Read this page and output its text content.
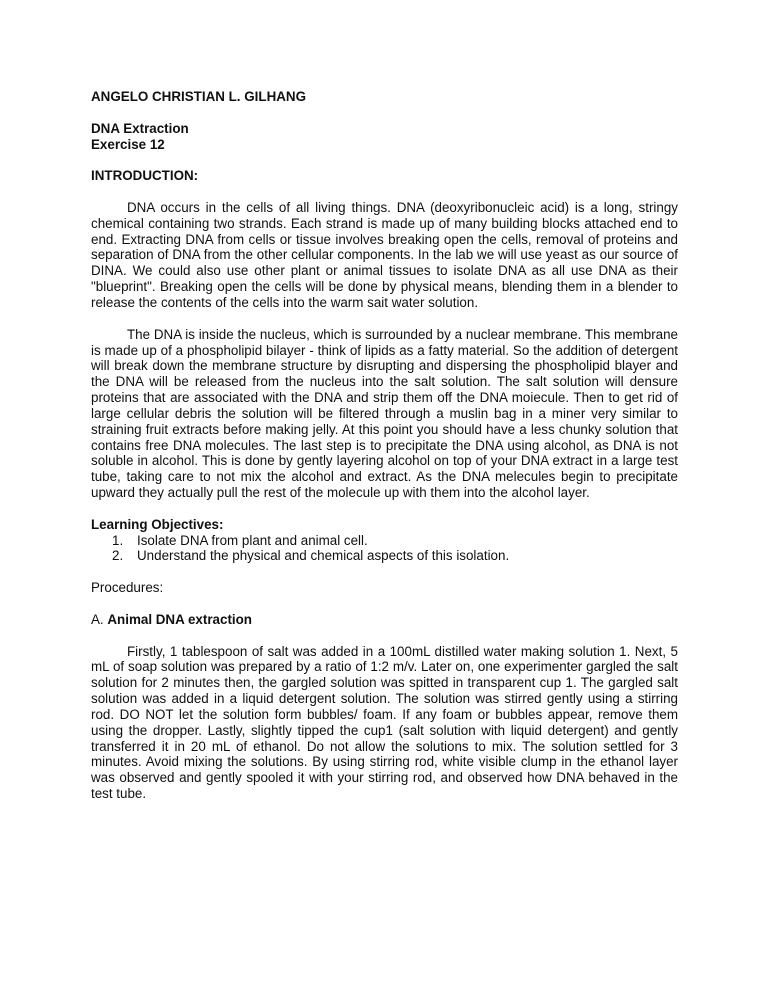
ANGELO CHRISTIAN L. GILHANG
DNA Extraction
Exercise 12
INTRODUCTION:

DNA occurs in the cells of all living things. DNA (deoxyribonucleic acid) is a long, stringy chemical containing two strands. Each strand is made up of many building blocks attached end to end. Extracting DNA from cells or tissue involves breaking open the cells, removal of proteins and separation of DNA from the other cellular components. In the lab we will use yeast as our source of DINA. We could also use other plant or animal tissues to isolate DNA as all use DNA as their "blueprint". Breaking open the cells will be done by physical means, blending them in a blender to release the contents of the cells into the warm sait water solution.

The DNA is inside the nucleus, which is surrounded by a nuclear membrane. This membrane is made up of a phospholipid bilayer - think of lipids as a fatty material. So the addition of detergent will break down the membrane structure by disrupting and dispersing the phospholipid blayer and the DNA will be released from the nucleus into the salt solution. The salt solution will densure proteins that are associated with the DNA and strip them off the DNA moiecule. Then to get rid of large cellular debris the solution will be filtered through a muslin bag in a miner very similar to straining fruit extracts before making jelly. At this point you should have a less chunky solution that contains free DNA molecules. The last step is to precipitate the DNA using alcohol, as DNA is not soluble in alcohol. This is done by gently layering alcohol on top of your DNA extract in a large test tube, taking care to not mix the alcohol and extract. As the DNA melecules begin to precipitate upward they actually pull the rest of the molecule up with them into the alcohol layer.

Learning Objectives:
1.	Isolate DNA from plant and animal cell.
2.	Understand the physical and chemical aspects of this isolation.
Procedures:
A. Animal DNA extraction

Firstly, 1 tablespoon of salt was added in a 100mL distilled water making solution 1. Next, 5 mL of soap solution was prepared by a ratio of 1:2 m/v. Later on, one experimenter gargled the salt solution for 2 minutes then, the gargled solution was spitted in transparent cup 1. The gargled salt solution was added in a liquid detergent solution. The solution was stirred gently using a stirring rod. DO NOT let the solution form bubbles/ foam. If any foam or bubbles appear, remove them using the dropper. Lastly, slightly tipped the cup1 (salt solution with liquid detergent) and gently transferred it in 20 mL of ethanol. Do not allow the solutions to mix. The solution settled for 3 minutes. Avoid mixing the solutions. By using stirring rod, white visible clump in the ethanol layer was observed and gently spooled it with your stirring rod, and observed how DNA behaved in the test tube.
